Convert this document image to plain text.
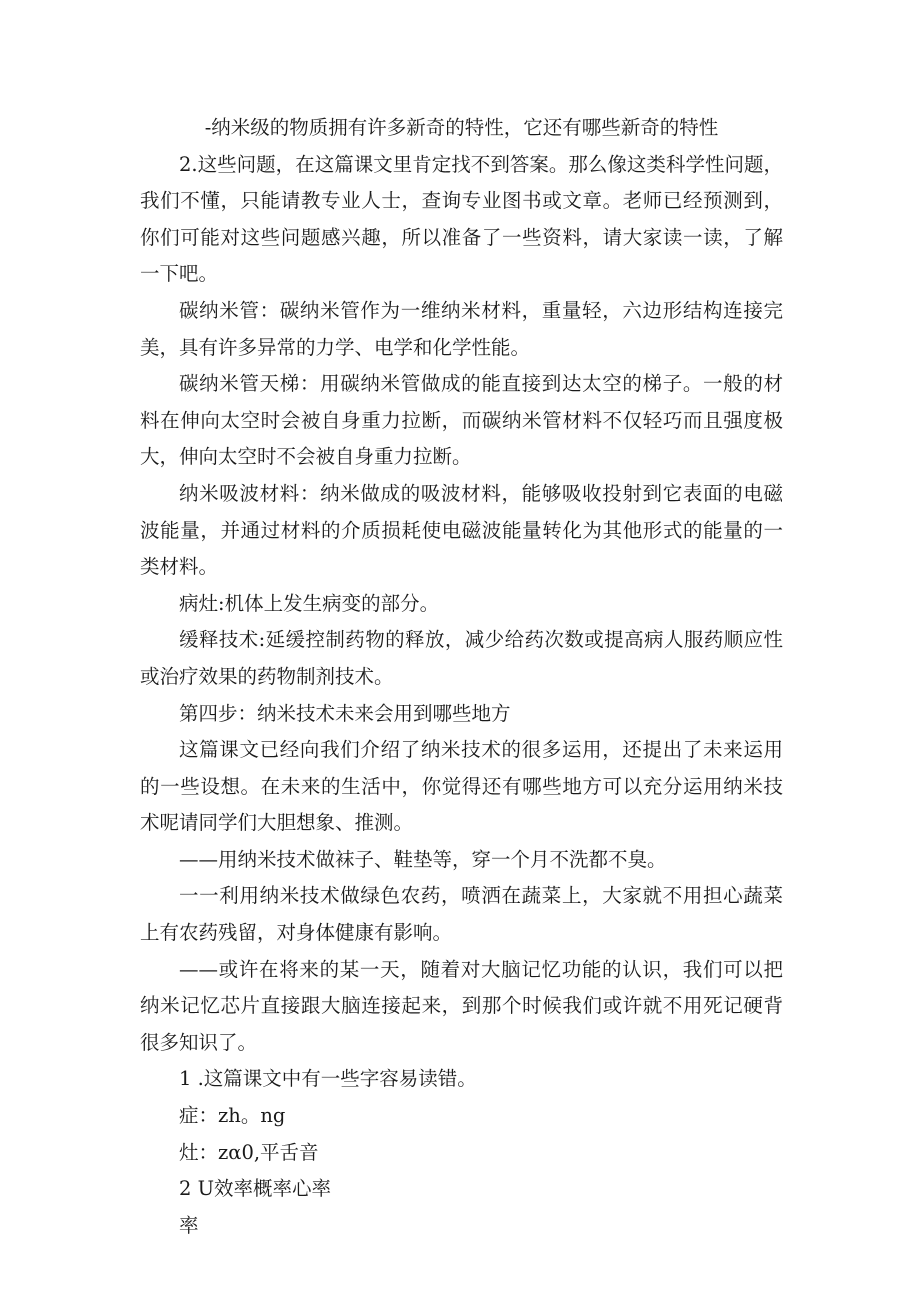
-纳米级的物质拥有许多新奇的特性，它还有哪些新奇的特性

2.这些问题，在这篇课文里肯定找不到答案。那么像这类科学性问题，我们不懂，只能请教专业人士，查询专业图书或文章。老师已经预测到，你们可能对这些问题感兴趣，所以准备了一些资料，请大家读一读，了解一下吧。

碳纳米管：碳纳米管作为一维纳米材料，重量轻，六边形结构连接完美，具有许多异常的力学、电学和化学性能。

碳纳米管天梯：用碳纳米管做成的能直接到达太空的梯子。一般的材料在伸向太空时会被自身重力拉断，而碳纳米管材料不仅轻巧而且强度极大，伸向太空时不会被自身重力拉断。

纳米吸波材料：纳米做成的吸波材料，能够吸收投射到它表面的电磁波能量，并通过材料的介质损耗使电磁波能量转化为其他形式的能量的一类材料。

病灶:机体上发生病变的部分。

缓释技术:延缓控制药物的释放，减少给药次数或提高病人服药顺应性或治疗效果的药物制剂技术。

第四步：纳米技术未来会用到哪些地方

这篇课文已经向我们介绍了纳米技术的很多运用，还提出了未来运用的一些设想。在未来的生活中，你觉得还有哪些地方可以充分运用纳米技术呢请同学们大胆想象、推测。

——用纳米技术做袜子、鞋垫等，穿一个月不洗都不臭。

一一利用纳米技术做绿色农药，喷洒在蔬菜上，大家就不用担心蔬菜上有农药残留，对身体健康有影响。

——或许在将来的某一天，随着对大脑记忆功能的认识，我们可以把纳米记忆芯片直接跟大脑连接起来，到那个时候我们或许就不用死记硬背很多知识了。

1 .这篇课文中有一些字容易读错。

症：zh。ng

灶：zα0,平舌音

2 U效率概率心率

率
